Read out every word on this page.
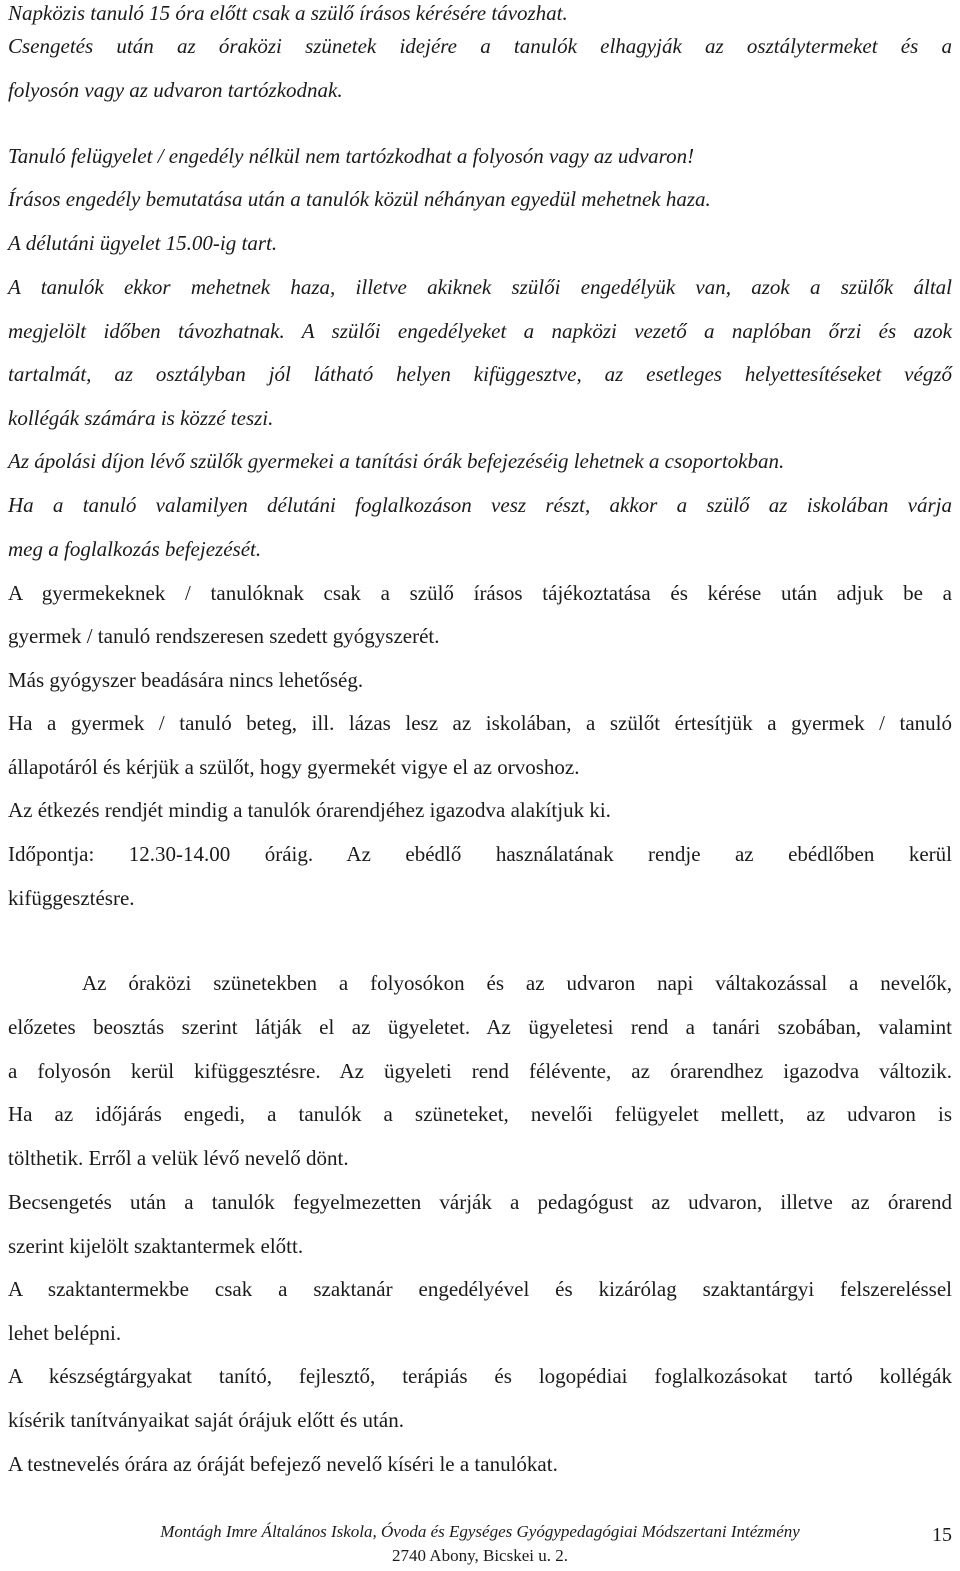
Napközis tanuló 15 óra előtt csak a szülő írásos kérésére távozhat.
Csengetés után az óraközi szünetek idejére a tanulók elhagyják az osztálytermeket és a
folyosón vagy az udvaron tartózkodnak.
Tanuló felügyelet / engedély nélkül nem tartózkodhat a folyosón vagy az udvaron!
Írásos engedély bemutatása után a tanulók közül néhányan egyedül mehetnek haza.
A délutáni ügyelet 15.00-ig tart.
A tanulók ekkor mehetnek haza, illetve akiknek szülői engedélyük van, azok a szülők által
megjelölt időben távozhatnak. A szülői engedélyeket a napközi vezető a naplóban őrzi és azok
tartalmát, az osztályban jól látható helyen kifüggesztve, az esetleges helyettesítéseket végző
kollégák számára is közzé teszi.
Az ápolási díjon lévő szülők gyermekei a tanítási órák befejezéséig lehetnek a csoportokban.
Ha a tanuló valamilyen délutáni foglalkozáson vesz részt, akkor a szülő az iskolában várja
meg a foglalkozás befejezését.
A gyermekeknek / tanulóknak csak a szülő írásos tájékoztatása és kérése után adjuk be a
gyermek / tanuló rendszeresen szedett gyógyszerét.
Más gyógyszer beadására nincs lehetőség.
Ha a gyermek / tanuló beteg, ill. lázas lesz az iskolában, a szülőt értesítjük a gyermek / tanuló
állapotáról és kérjük a szülőt, hogy gyermekét vigye el az orvoshoz.
Az étkezés rendjét mindig a tanulók órarendjéhez igazodva alakítjuk ki.
Időpontja: 12.30-14.00 óráig. Az ebédlő használatának rendje az ebédlőben kerül
kifüggesztésre.
Az óraközi szünetekben a folyosókon és az udvaron napi váltakozással a nevelők,
előzetes beosztás szerint látják el az ügyeletet. Az ügyeletesi rend a tanári szobában, valamint
a folyosón kerül kifüggesztésre. Az ügyeleti rend félévente, az órarendhez igazodva változik.
Ha az időjárás engedi, a tanulók a szüneteket, nevelői felügyelet mellett, az udvaron is
tölthetik. Erről a velük lévő nevelő dönt.
Becsengetés után a tanulók fegyelmezetten várják a pedagógust az udvaron, illetve az órarend
szerint kijelölt szaktantermek előtt.
A szaktantermekbe csak a szaktanár engedélyével és kizárólag szaktantárgyi felszereléssel
lehet belépni.
A készségtárgyakat tanító, fejlesztő, terápiás és logopédiai foglalkozásokat tartó kollégák
kísérik tanítványaikat saját órájuk előtt és után.
A testnevelés órára az óráját befejező nevelő kíséri le a tanulókat.
Montágh Imre Általános Iskola, Óvoda és Egységes Gyógypedagógiai Módszertani Intézmény
2740 Abony, Bicskei u. 2.
15
